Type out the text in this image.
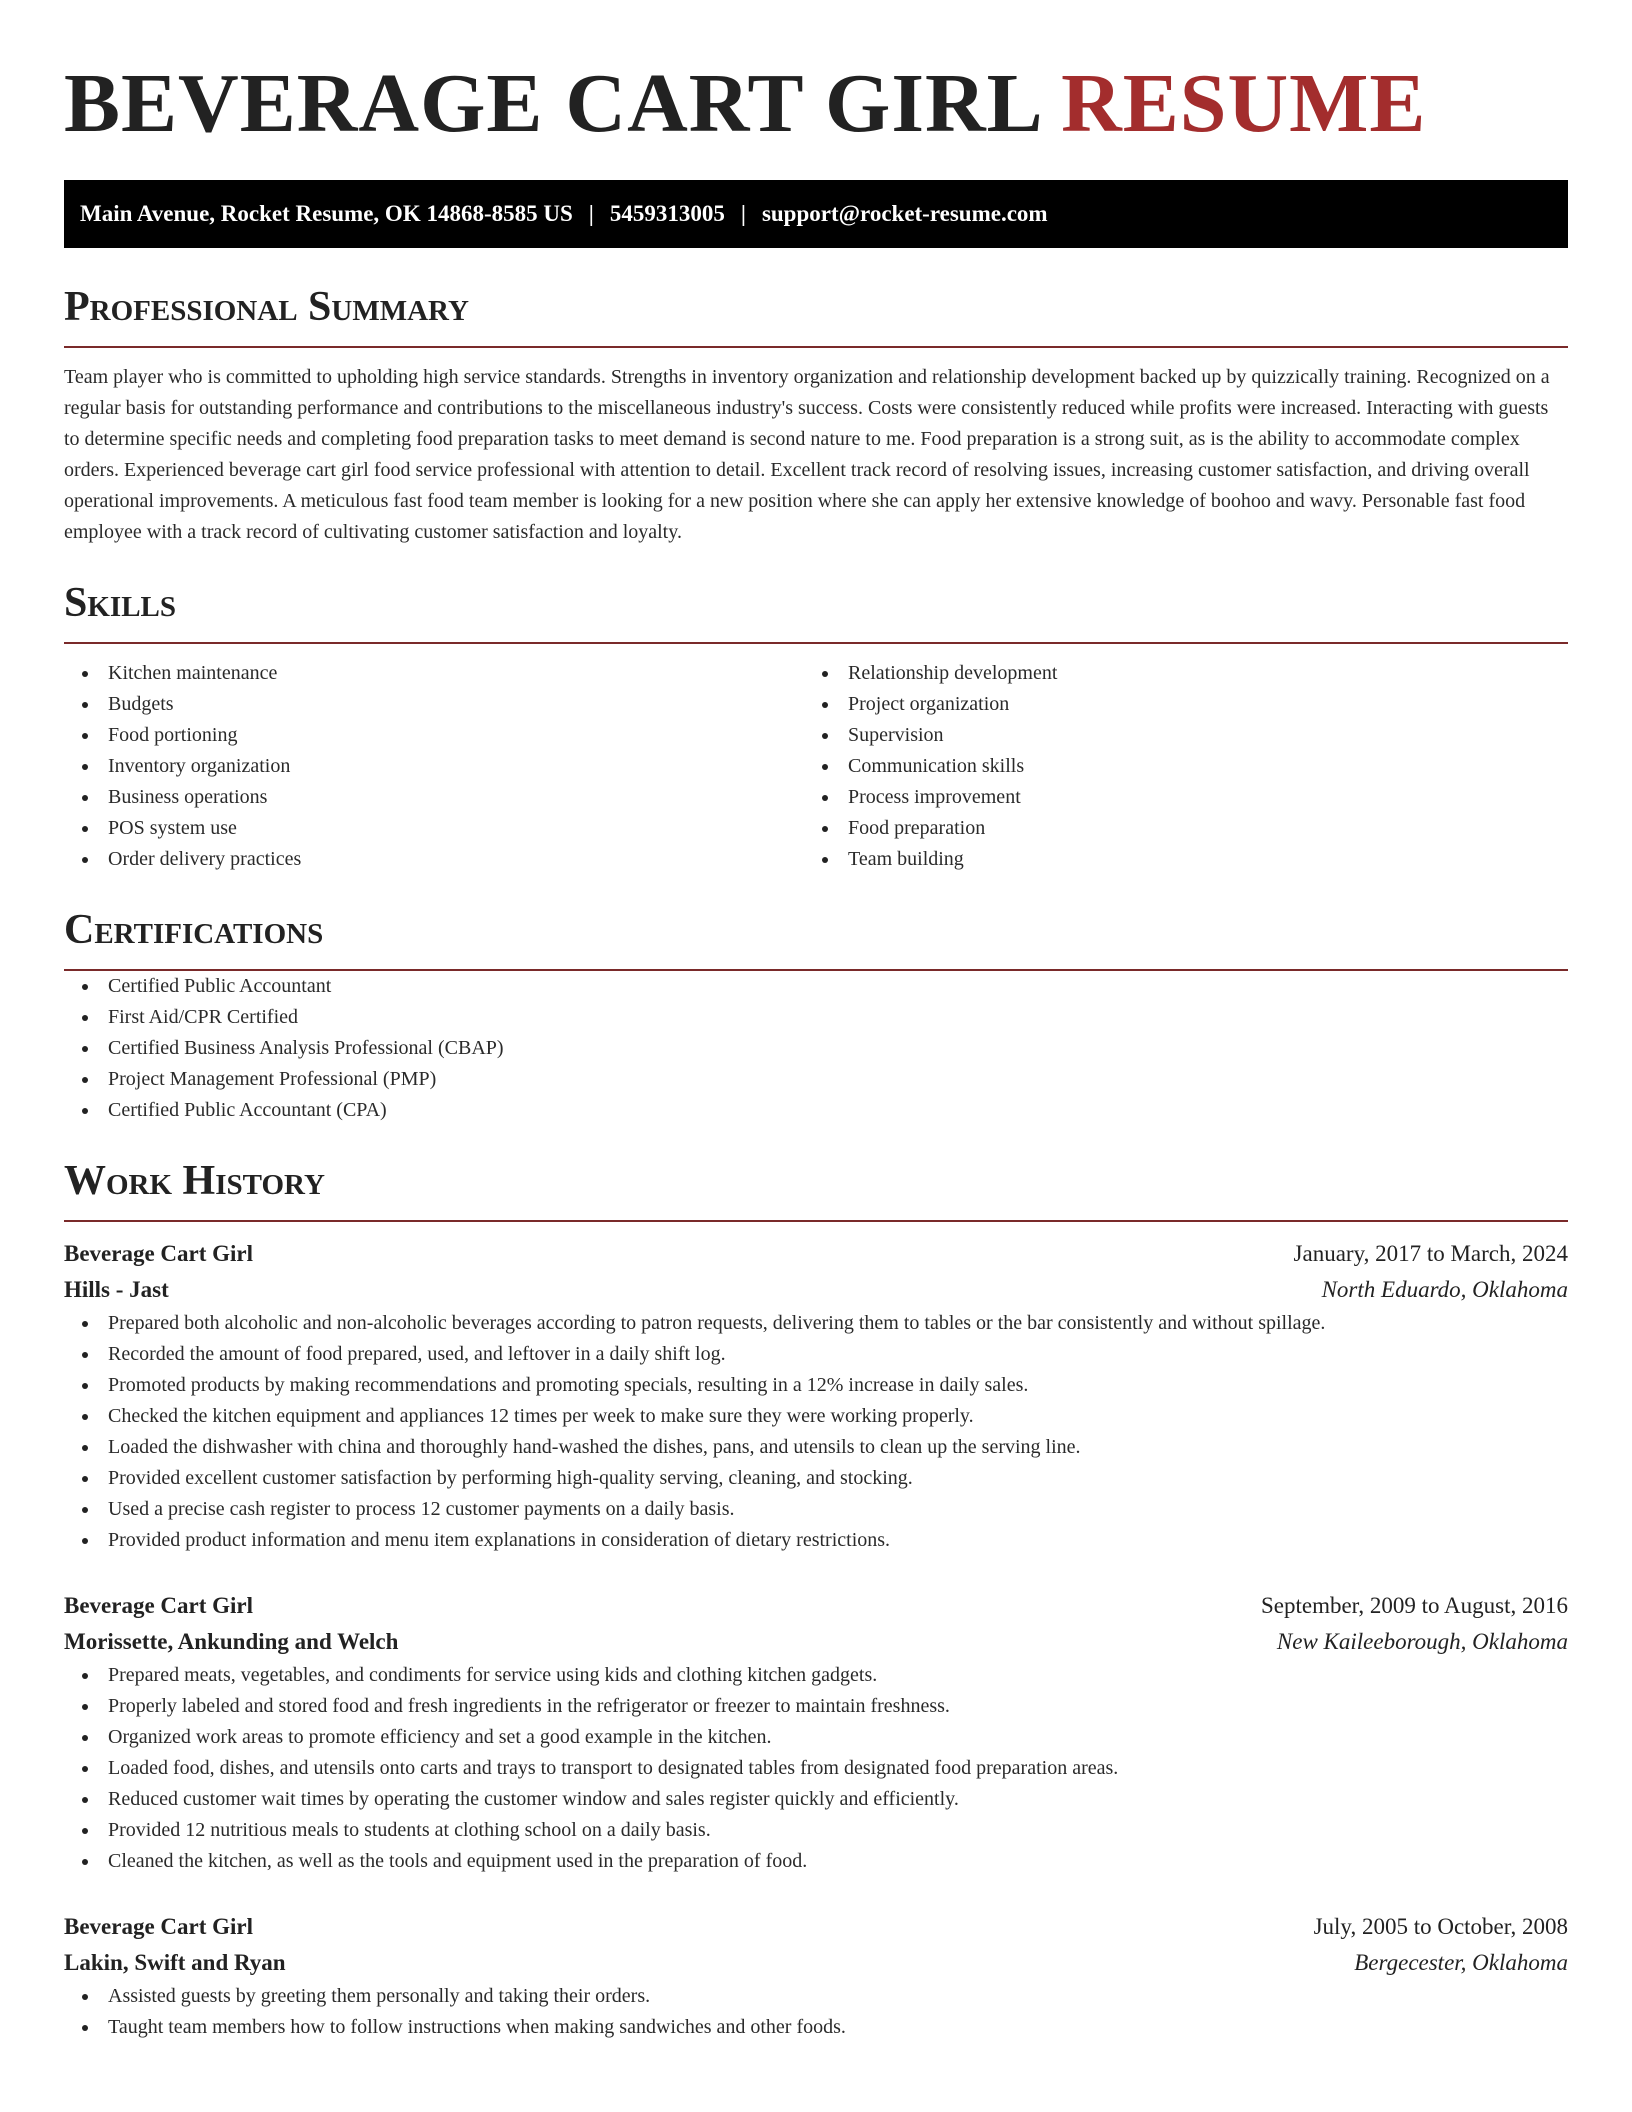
BEVERAGE CART GIRL RESUME
Main Avenue, Rocket Resume, OK 14868-8585 US | 5459313005 | support@rocket-resume.com
Professional Summary

Team player who is committed to upholding high service standards. Strengths in inventory organization and relationship development backed up by quizzically training. Recognized on a regular basis for outstanding performance and contributions to the miscellaneous industry's success. Costs were consistently reduced while profits were increased. Interacting with guests to determine specific needs and completing food preparation tasks to meet demand is second nature to me. Food preparation is a strong suit, as is the ability to accommodate complex orders. Experienced beverage cart girl food service professional with attention to detail. Excellent track record of resolving issues, increasing customer satisfaction, and driving overall operational improvements. A meticulous fast food team member is looking for a new position where she can apply her extensive knowledge of boohoo and wavy. Personable fast food employee with a track record of cultivating customer satisfaction and loyalty.

Skills
Kitchen maintenance
Budgets
Food portioning
Inventory organization
Business operations
POS system use
Order delivery practices
Relationship development
Project organization
Supervision
Communication skills
Process improvement
Food preparation
Team building
Certifications
Certified Public Accountant
First Aid/CPR Certified
Certified Business Analysis Professional (CBAP)
Project Management Professional (PMP)
Certified Public Accountant (CPA)
Work History
Beverage Cart Girl	January, 2017 to March, 2024
Hills - Jast	North Eduardo, Oklahoma
Prepared both alcoholic and non-alcoholic beverages according to patron requests, delivering them to tables or the bar consistently and without spillage.
Recorded the amount of food prepared, used, and leftover in a daily shift log.
Promoted products by making recommendations and promoting specials, resulting in a 12% increase in daily sales.
Checked the kitchen equipment and appliances 12 times per week to make sure they were working properly.
Loaded the dishwasher with china and thoroughly hand-washed the dishes, pans, and utensils to clean up the serving line.
Provided excellent customer satisfaction by performing high-quality serving, cleaning, and stocking.
Used a precise cash register to process 12 customer payments on a daily basis.
Provided product information and menu item explanations in consideration of dietary restrictions.
Beverage Cart Girl	September, 2009 to August, 2016
Morissette, Ankunding and Welch	New Kaileeborough, Oklahoma
Prepared meats, vegetables, and condiments for service using kids and clothing kitchen gadgets.
Properly labeled and stored food and fresh ingredients in the refrigerator or freezer to maintain freshness.
Organized work areas to promote efficiency and set a good example in the kitchen.
Loaded food, dishes, and utensils onto carts and trays to transport to designated tables from designated food preparation areas.
Reduced customer wait times by operating the customer window and sales register quickly and efficiently.
Provided 12 nutritious meals to students at clothing school on a daily basis.
Cleaned the kitchen, as well as the tools and equipment used in the preparation of food.
Beverage Cart Girl	July, 2005 to October, 2008
Lakin, Swift and Ryan	Bergecester, Oklahoma
Assisted guests by greeting them personally and taking their orders.
Taught team members how to follow instructions when making sandwiches and other foods.
